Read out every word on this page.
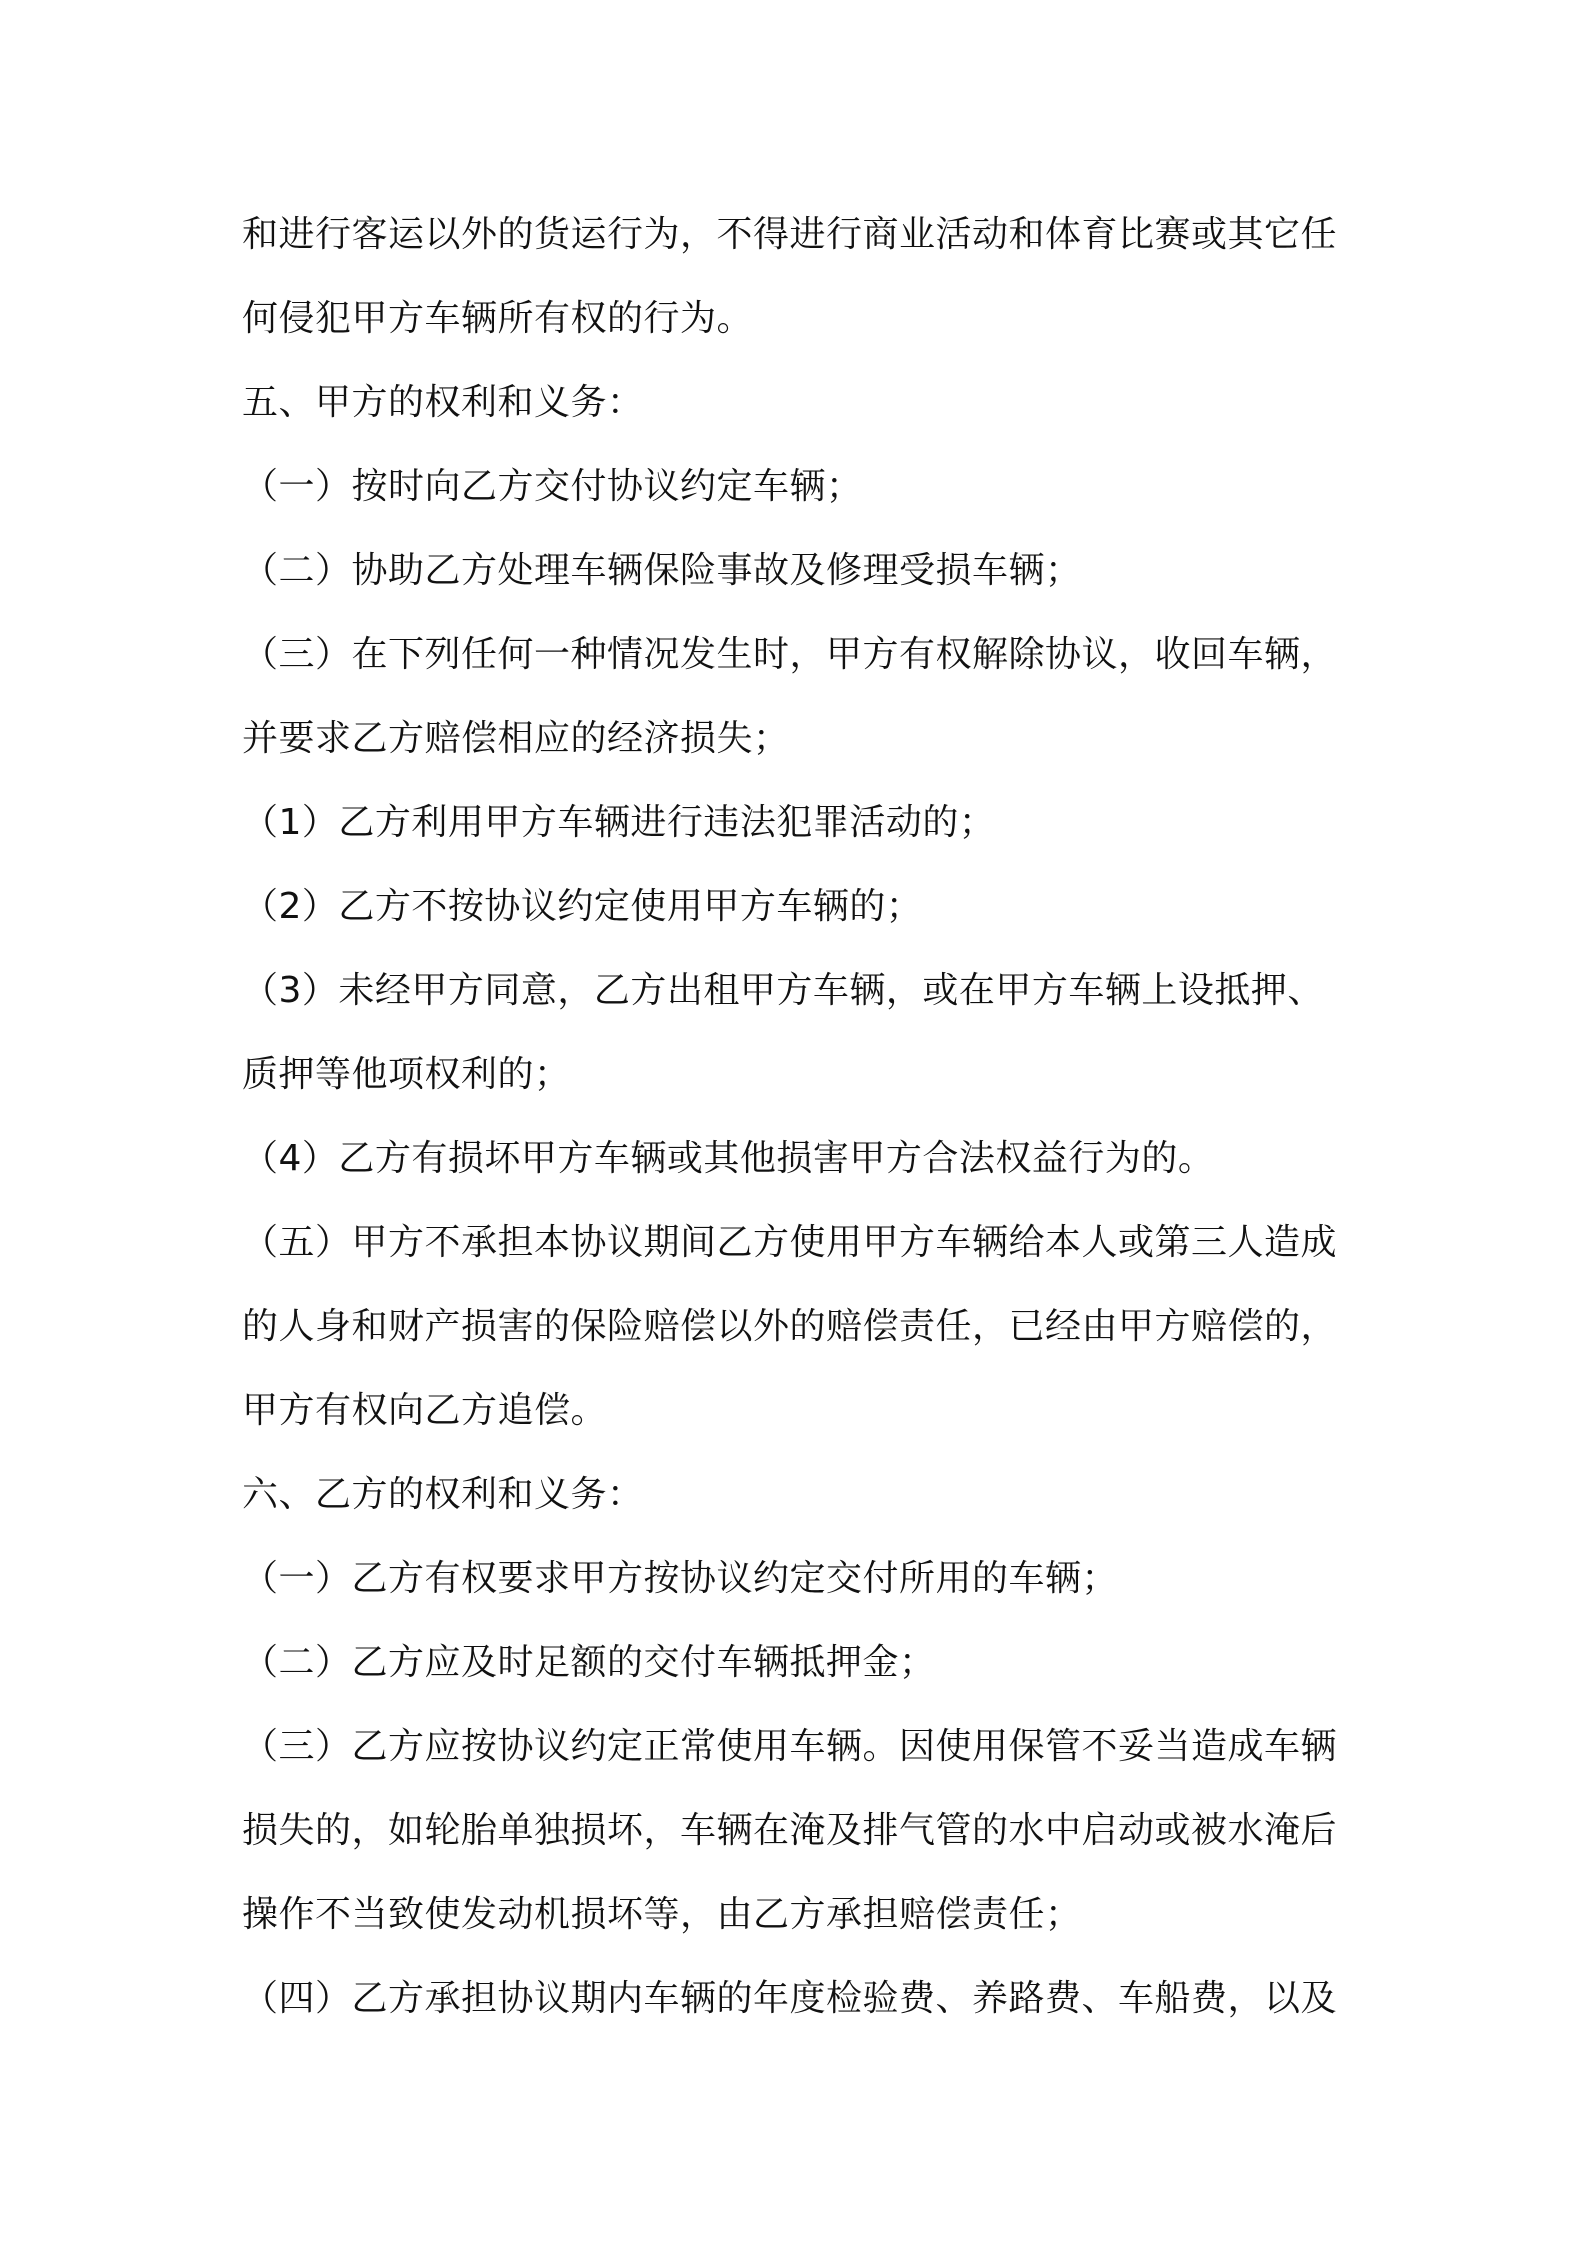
和进行客运以外的货运行为，不得进行商业活动和体育比赛或其它任
何侵犯甲方车辆所有权的行为。
五、甲方的权利和义务：
（一）按时向乙方交付协议约定车辆；
（二）协助乙方处理车辆保险事故及修理受损车辆；
（三）在下列任何一种情况发生时，甲方有权解除协议，收回车辆，
并要求乙方赔偿相应的经济损失；
（1）乙方利用甲方车辆进行违法犯罪活动的；
（2）乙方不按协议约定使用甲方车辆的；
（3）未经甲方同意，乙方出租甲方车辆，或在甲方车辆上设抵押、
质押等他项权利的；
（4）乙方有损坏甲方车辆或其他损害甲方合法权益行为的。
（五）甲方不承担本协议期间乙方使用甲方车辆给本人或第三人造成
的人身和财产损害的保险赔偿以外的赔偿责任，已经由甲方赔偿的，
甲方有权向乙方追偿。
六、乙方的权利和义务：
（一）乙方有权要求甲方按协议约定交付所用的车辆；
（二）乙方应及时足额的交付车辆抵押金；
（三）乙方应按协议约定正常使用车辆。因使用保管不妥当造成车辆
损失的，如轮胎单独损坏，车辆在淹及排气管的水中启动或被水淹后
操作不当致使发动机损坏等，由乙方承担赔偿责任；
（四）乙方承担协议期内车辆的年度检验费、养路费、车船费，以及
